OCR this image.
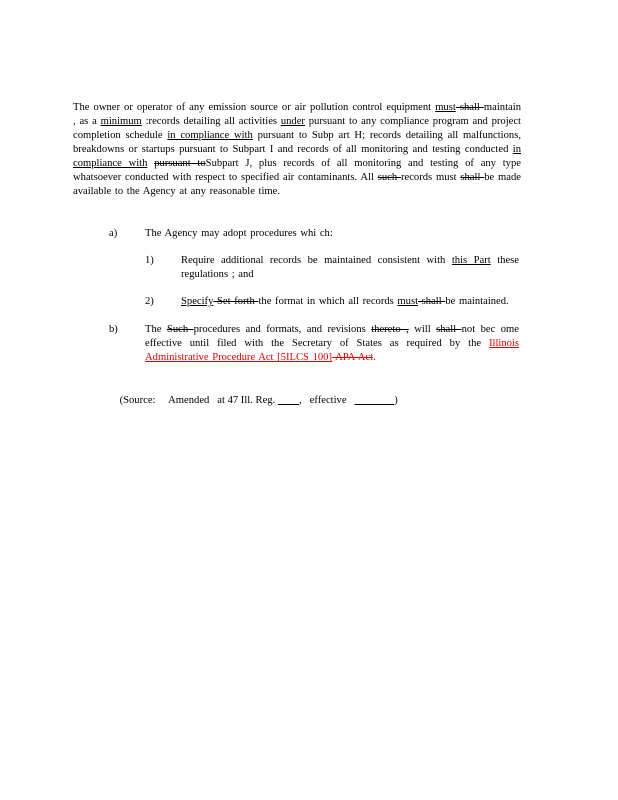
The owner or operator of any emission source or air pollution control equipment must shall maintain , as a minimum :records detailing all activities under pursuant to any compliance program and project completion schedule in compliance with pursuant to Subp art H; records detailing all malfunctions, breakdowns or startups pursuant to Subpart I and records of all monitoring and testing conducted in compliance with pursuant toSubpart J, plus records of all monitoring and testing of any type whatsoever conducted with respect to specified air contaminants. All such records must shall be made available to the Agency at any reasonable time.

a)	The Agency may adopt procedures whi ch:
1)	Require additional records be maintained consistent with this Part these regulations ; and
2)	Specify Set forth the format in which all records must shall be maintained.
b)	The Such procedures and formats, and revisions thereto , will shall not bec ome effective until filed with the Secretary of States as required by the Illinois Administrative Procedure Act [5ILCS 100] APA Act.

(Source:     Amended   at 47 Ill. Reg.         ,   effective	)
